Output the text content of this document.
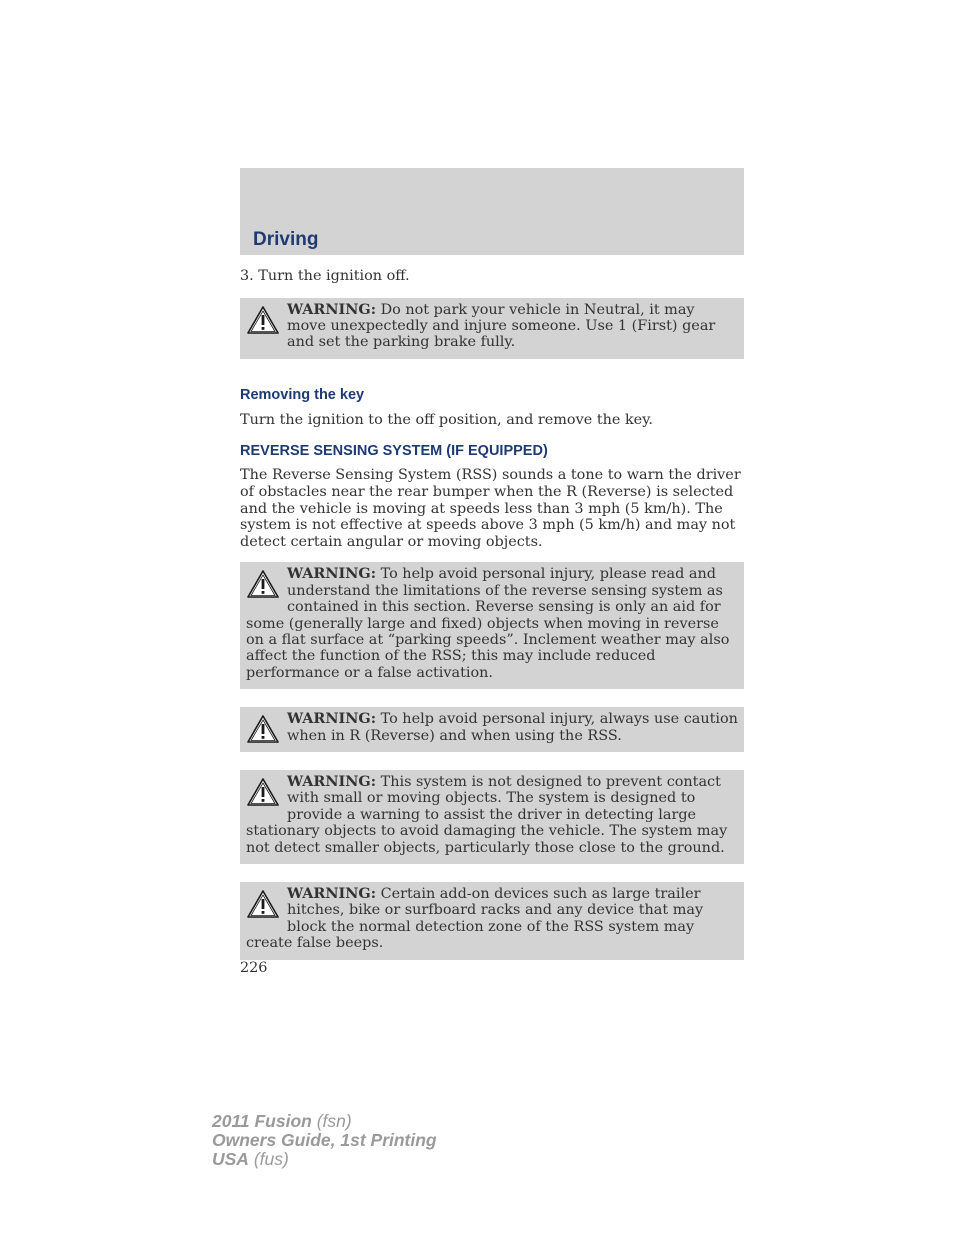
Driving

3. Turn the ignition off.

WARNING: Do not park your vehicle in Neutral, it may move unexpectedly and injure someone. Use 1 (First) gear and set the parking brake fully.
Removing the key

Turn the ignition to the off position, and remove the key.

REVERSE SENSING SYSTEM (IF EQUIPPED)

The Reverse Sensing System (RSS) sounds a tone to warn the driver of obstacles near the rear bumper when the R (Reverse) is selected and the vehicle is moving at speeds less than 3 mph (5 km/h). The system is not effective at speeds above 3 mph (5 km/h) and may not detect certain angular or moving objects.

WARNING: To help avoid personal injury, please read and understand the limitations of the reverse sensing system as contained in this section. Reverse sensing is only an aid for some (generally large and fixed) objects when moving in reverse on a flat surface at “parking speeds”. Inclement weather may also affect the function of the RSS; this may include reduced performance or a false activation.
WARNING: To help avoid personal injury, always use caution when in R (Reverse) and when using the RSS.
WARNING: This system is not designed to prevent contact with small or moving objects. The system is designed to provide a warning to assist the driver in detecting large stationary objects to avoid damaging the vehicle. The system may not detect smaller objects, particularly those close to the ground.
WARNING: Certain add-on devices such as large trailer hitches, bike or surfboard racks and any device that may block the normal detection zone of the RSS system may create false beeps.
226
2011 Fusion (fsn)
Owners Guide, 1st Printing
USA (fus)
